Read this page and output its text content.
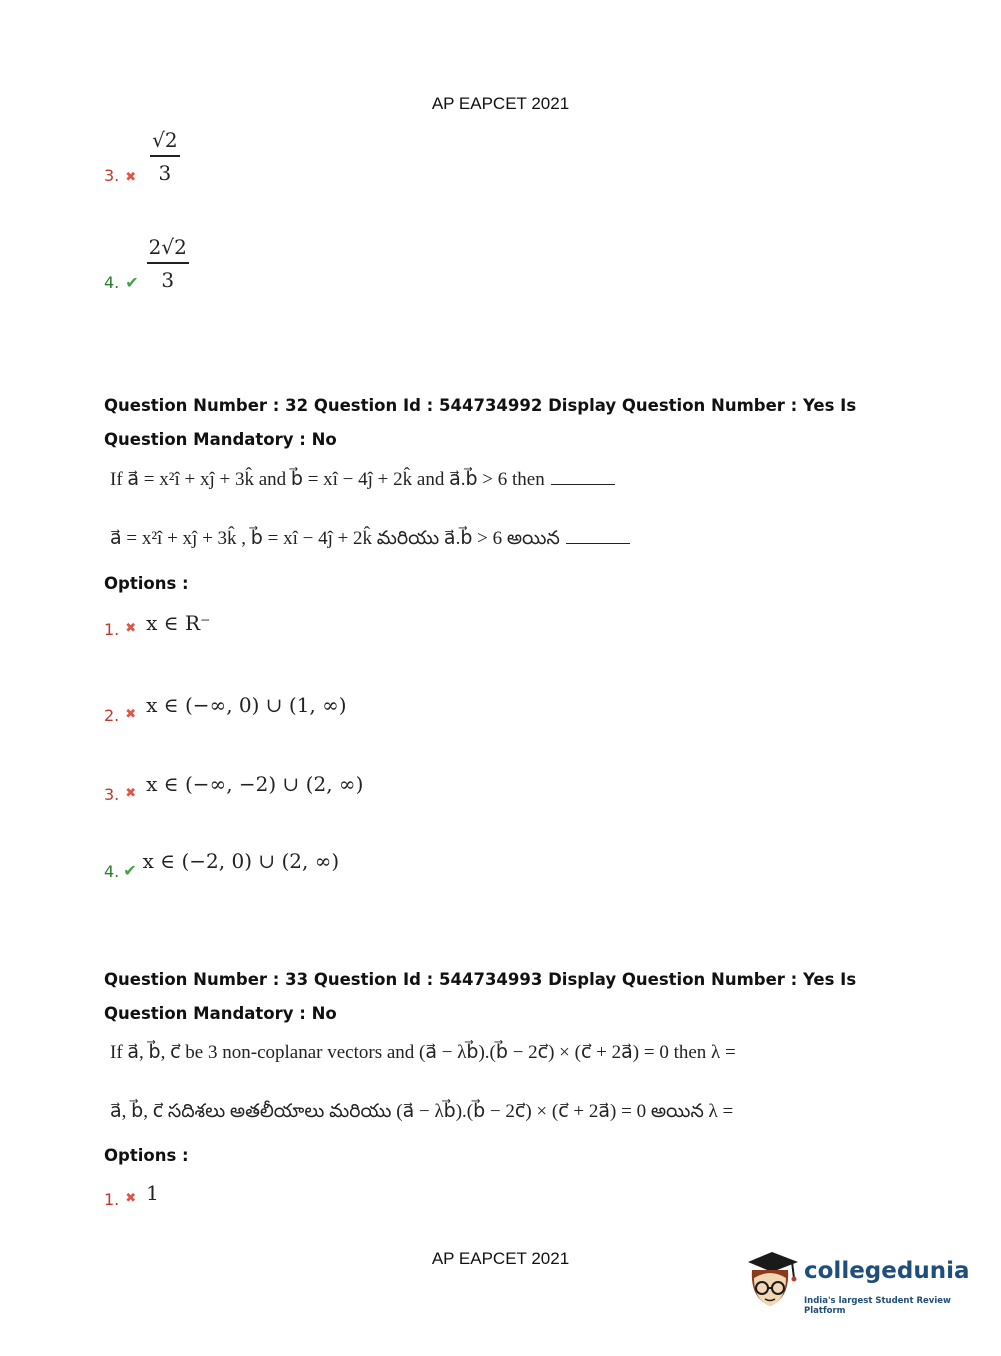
AP EAPCET 2021
3. ✖ $\frac{√2}{3}$
4. ✔ $\frac{2√2}{3}$
Question Number : 32 Question Id : 544734992 Display Question Number : Yes Is Question Mandatory : No
If a⃗ = x²î + xĵ + 3k̂ and b⃗ = xî − 4ĵ + 2k̂ and a⃗.b⃗ > 6 then
a⃗ = x²î + xĵ + 3k̂ , b⃗ = xî − 4ĵ + 2k̂ మరియు a⃗.b⃗ > 6 అయిన
Options :
1. ✖ x ∈ R⁻
2. ✖ x ∈ (−∞, 0) ∪ (1, ∞)
3. ✖ x ∈ (−∞, −2) ∪ (2, ∞)
4. ✔ x ∈ (−2, 0) ∪ (2, ∞)
Question Number : 33 Question Id : 544734993 Display Question Number : Yes Is Question Mandatory : No
If a⃗, b⃗, c⃗ be 3 non-coplanar vectors and (a⃗ − λb⃗).(b⃗ − 2c⃗) × (c⃗ + 2a⃗) = 0 then λ =
a⃗, b⃗, c⃗ సదిశలు అతలీయాలు మరియు (a⃗ − λb⃗).(b⃗ − 2c⃗) × (c⃗ + 2a⃗) = 0 అయిన λ =
Options :
1. ✖ 1
AP EAPCET 2021	collegedunia
India's largest Student Review Platform
